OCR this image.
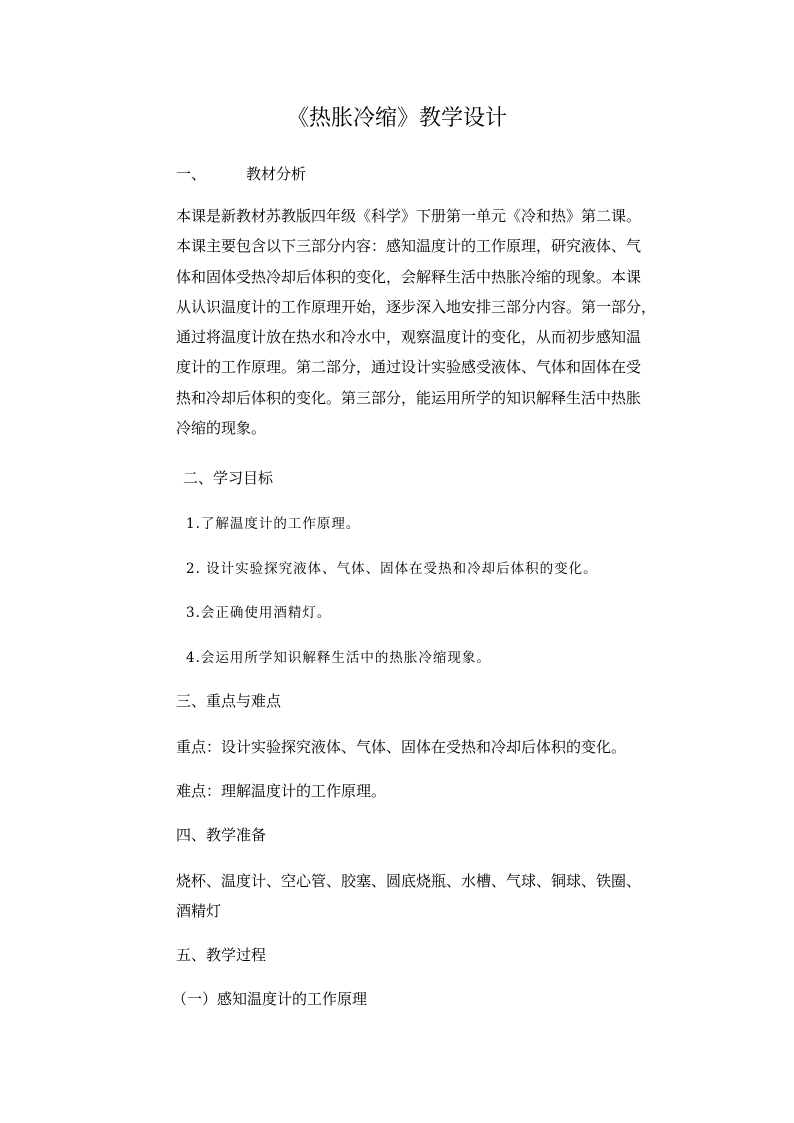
《热胀冷缩》教学设计
一、	教材分析
本课是新教材苏教版四年级《科学》下册第一单元《冷和热》第二课。
本课主要包含以下三部分内容：感知温度计的工作原理，研究液体、气
体和固体受热冷却后体积的变化，会解释生活中热胀冷缩的现象。本课
从认识温度计的工作原理开始，逐步深入地安排三部分内容。第一部分，
通过将温度计放在热水和冷水中，观察温度计的变化，从而初步感知温
度计的工作原理。第二部分，通过设计实验感受液体、气体和固体在受
热和冷却后体积的变化。第三部分，能运用所学的知识解释生活中热胀
冷缩的现象。
二、学习目标
1.了解温度计的工作原理。
2. 设计实验探究液体、气体、固体在受热和冷却后体积的变化。
3.会正确使用酒精灯。
4.会运用所学知识解释生活中的热胀冷缩现象。
三、重点与难点
重点：设计实验探究液体、气体、固体在受热和冷却后体积的变化。
难点：理解温度计的工作原理。
四、教学准备
烧杯、温度计、空心管、胶塞、圆底烧瓶、水槽、气球、铜球、铁圈、
酒精灯
五、教学过程
（一）感知温度计的工作原理
